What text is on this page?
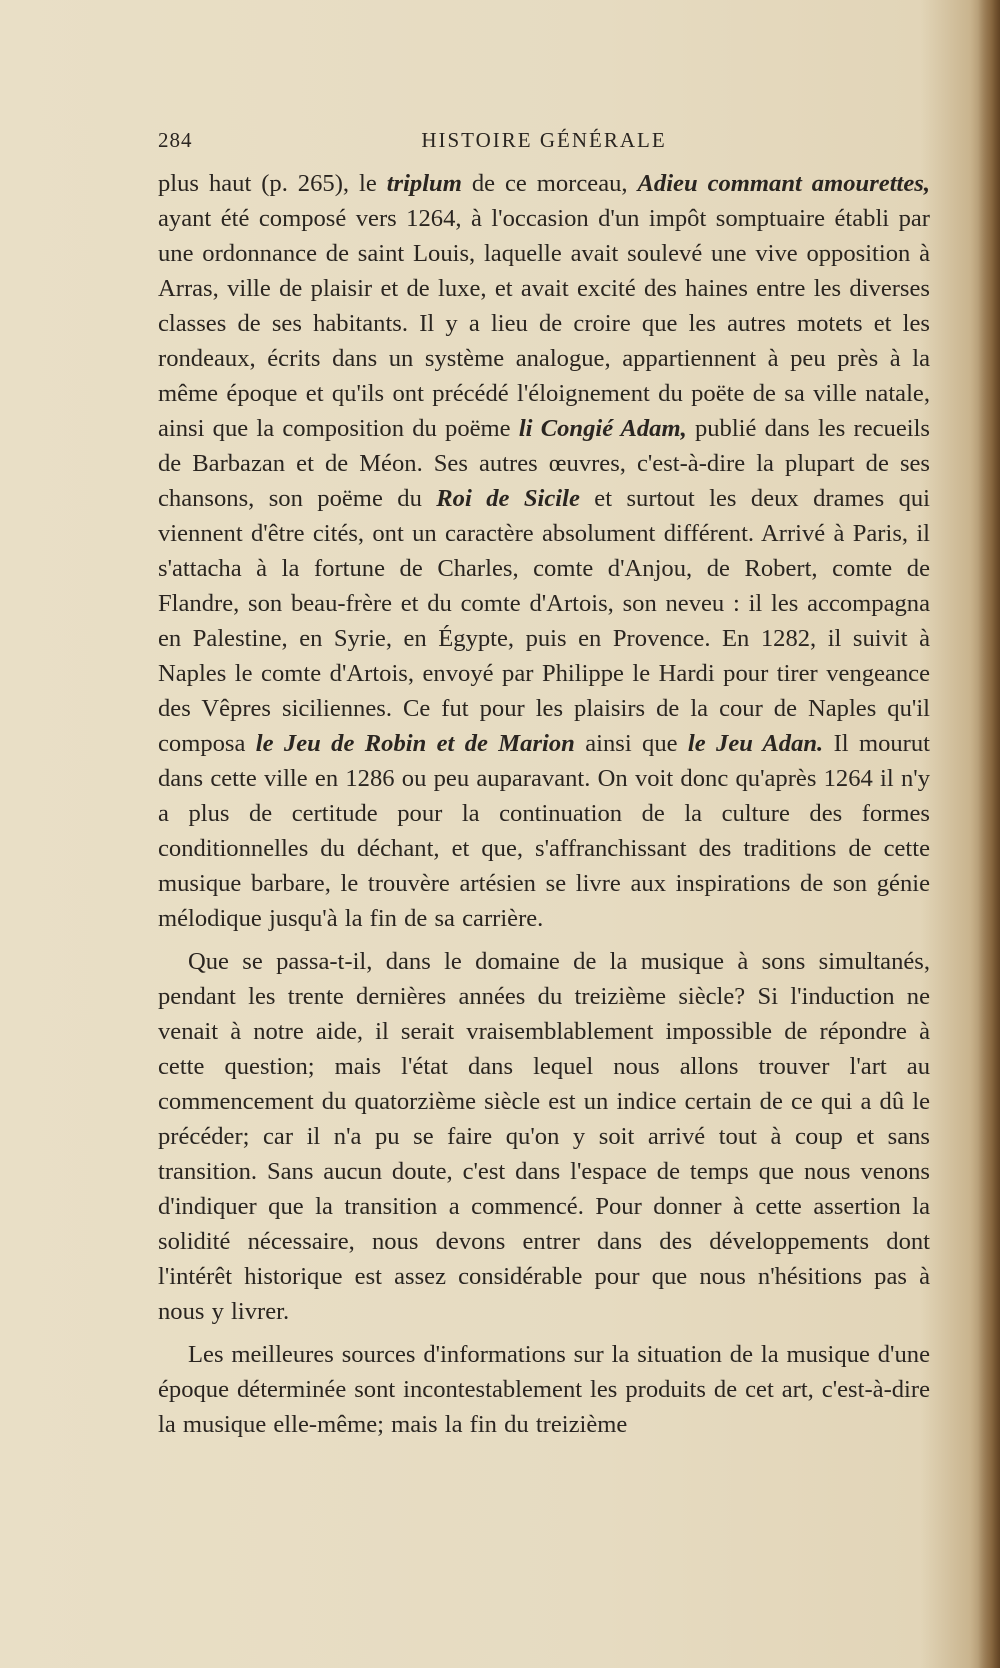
284	HISTOIRE GÉNÉRALE

plus haut (p. 265), le triplum de ce morceau, Adieu commant amourettes, ayant été composé vers 1264, à l'occasion d'un impôt somptuaire établi par une ordonnance de saint Louis, laquelle avait soulevé une vive opposition à Arras, ville de plaisir et de luxe, et avait excité des haines entre les diverses classes de ses habitants. Il y a lieu de croire que les autres motets et les rondeaux, écrits dans un système analogue, appartiennent à peu près à la même époque et qu'ils ont précédé l'éloignement du poëte de sa ville natale, ainsi que la composition du poëme li Congié Adam, publié dans les recueils de Barbazan et de Méon. Ses autres œuvres, c'est-à-dire la plupart de ses chansons, son poëme du Roi de Sicile et surtout les deux drames qui viennent d'être cités, ont un caractère absolument différent. Arrivé à Paris, il s'attacha à la fortune de Charles, comte d'Anjou, de Robert, comte de Flandre, son beau-frère et du comte d'Artois, son neveu : il les accompagna en Palestine, en Syrie, en Égypte, puis en Provence. En 1282, il suivit à Naples le comte d'Artois, envoyé par Philippe le Hardi pour tirer vengeance des Vêpres siciliennes. Ce fut pour les plaisirs de la cour de Naples qu'il composa le Jeu de Robin et de Marion ainsi que le Jeu Adan. Il mourut dans cette ville en 1286 ou peu auparavant. On voit donc qu'après 1264 il n'y a plus de certitude pour la continuation de la culture des formes conditionnelles du déchant, et que, s'affranchissant des traditions de cette musique barbare, le trouvère artésien se livre aux inspirations de son génie mélodique jusqu'à la fin de sa carrière.

Que se passa-t-il, dans le domaine de la musique à sons simultanés, pendant les trente dernières années du treizième siècle? Si l'induction ne venait à notre aide, il serait vraisemblablement impossible de répondre à cette question; mais l'état dans lequel nous allons trouver l'art au commencement du quatorzième siècle est un indice certain de ce qui a dû le précéder; car il n'a pu se faire qu'on y soit arrivé tout à coup et sans transition. Sans aucun doute, c'est dans l'espace de temps que nous venons d'indiquer que la transition a commencé. Pour donner à cette assertion la solidité nécessaire, nous devons entrer dans des développements dont l'intérêt historique est assez considérable pour que nous n'hésitions pas à nous y livrer.

Les meilleures sources d'informations sur la situation de la musique d'une époque déterminée sont incontestablement les produits de cet art, c'est-à-dire la musique elle-même; mais la fin du treizième
